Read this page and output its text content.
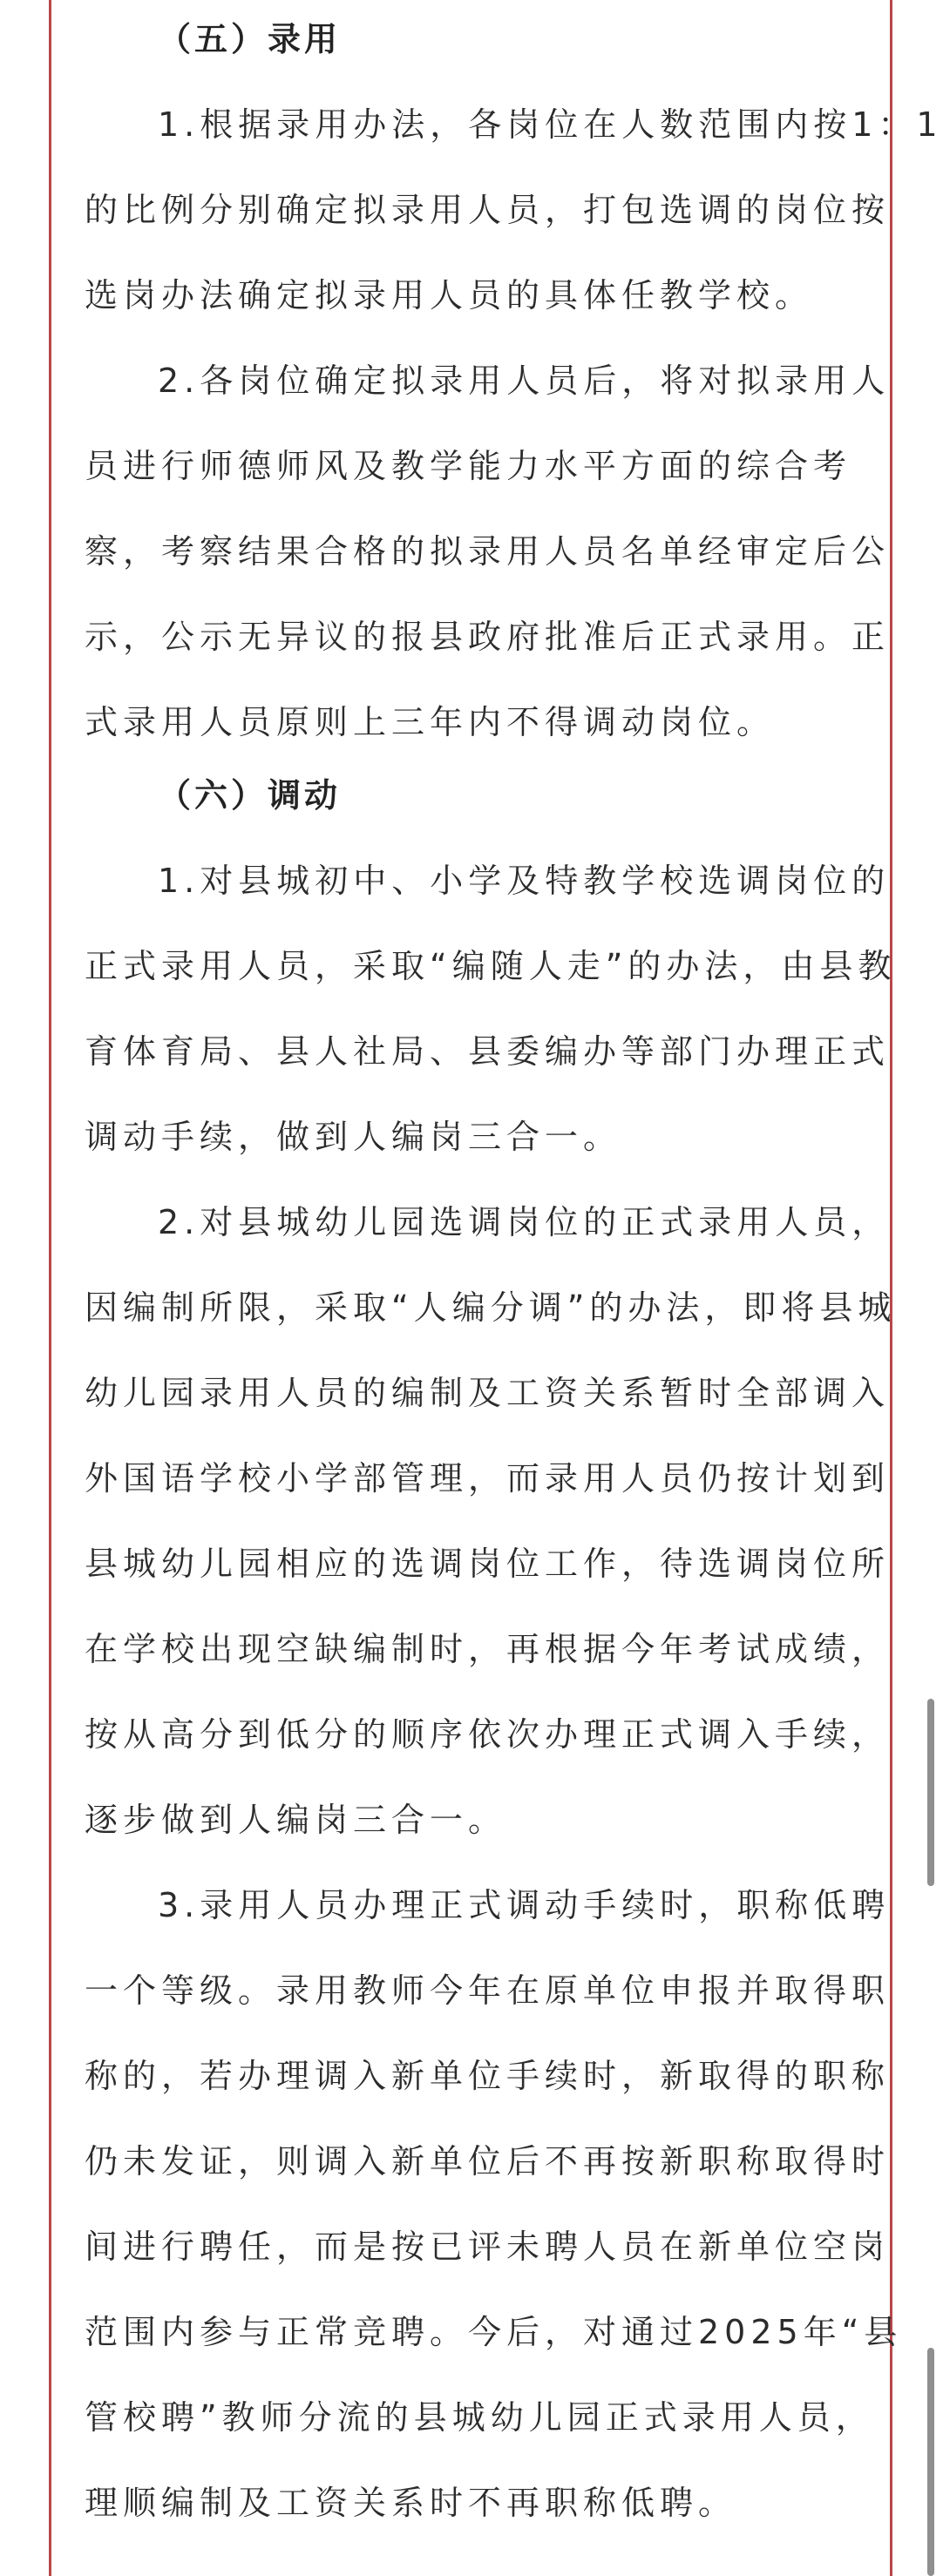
（五）录用
1.根据录用办法，各岗位在人数范围内按1：1
的比例分别确定拟录用人员，打包选调的岗位按
选岗办法确定拟录用人员的具体任教学校。
2.各岗位确定拟录用人员后，将对拟录用人
员进行师德师风及教学能力水平方面的综合考
察，考察结果合格的拟录用人员名单经审定后公
示，公示无异议的报县政府批准后正式录用。正
式录用人员原则上三年内不得调动岗位。
（六）调动
1.对县城初中、小学及特教学校选调岗位的
正式录用人员，采取“编随人走”的办法，由县教
育体育局、县人社局、县委编办等部门办理正式
调动手续，做到人编岗三合一。
2.对县城幼儿园选调岗位的正式录用人员，
因编制所限，采取“人编分调”的办法，即将县城
幼儿园录用人员的编制及工资关系暂时全部调入
外国语学校小学部管理，而录用人员仍按计划到
县城幼儿园相应的选调岗位工作，待选调岗位所
在学校出现空缺编制时，再根据今年考试成绩，
按从高分到低分的顺序依次办理正式调入手续，
逐步做到人编岗三合一。
3.录用人员办理正式调动手续时，职称低聘
一个等级。录用教师今年在原单位申报并取得职
称的，若办理调入新单位手续时，新取得的职称
仍未发证，则调入新单位后不再按新职称取得时
间进行聘任，而是按已评未聘人员在新单位空岗
范围内参与正常竞聘。今后，对通过2025年“县
管校聘”教师分流的县城幼儿园正式录用人员，
理顺编制及工资关系时不再职称低聘。
